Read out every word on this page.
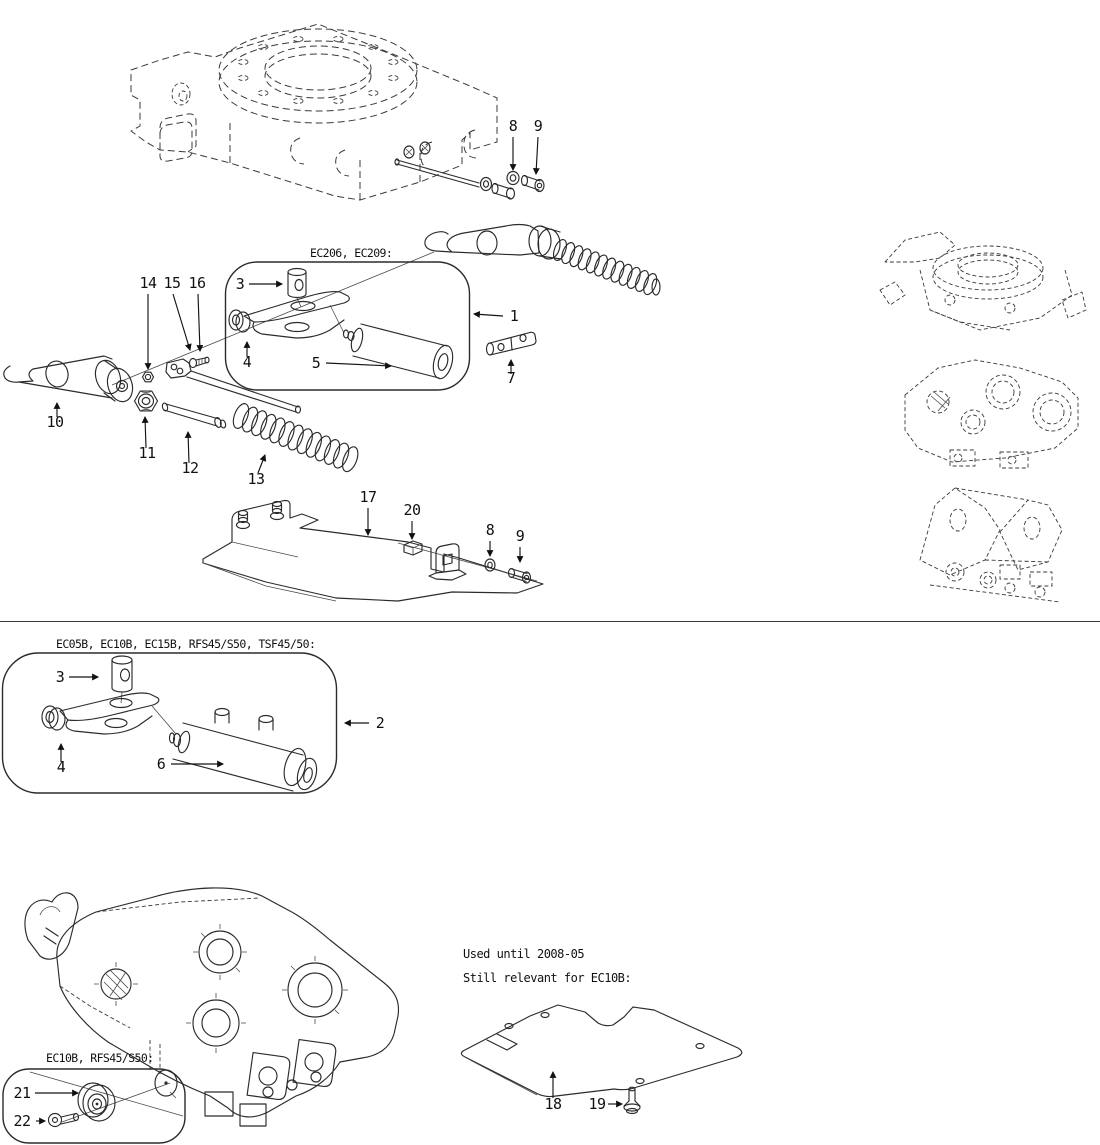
8 9
EC206, EC209:
3
4	5
1
7
14 15 16
10
11
12
13
17
20
8 9
EC05B, EC10B, EC15B, RFS45/S50, TSF45/50:
3
4	6
2
EC10B, RFS45/S50:
21
22
Used until 2008-05
Still relevant for EC10B:
18 19
